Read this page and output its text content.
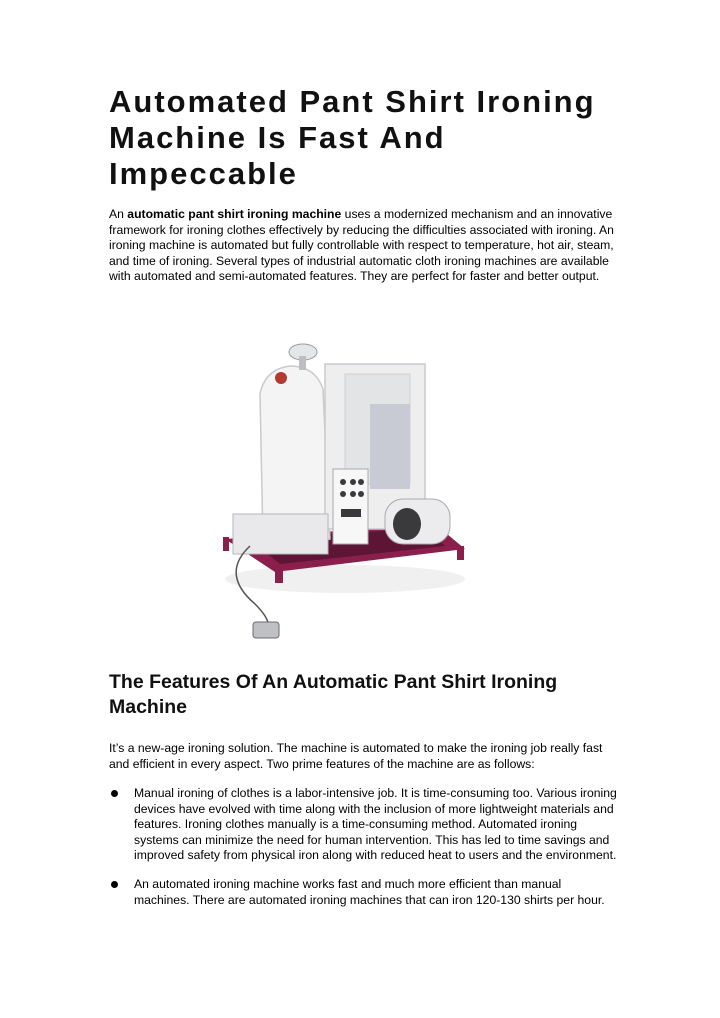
Automated Pant Shirt Ironing Machine Is Fast And Impeccable

An automatic pant shirt ironing machine uses a modernized mechanism and an innovative framework for ironing clothes effectively by reducing the difficulties associated with ironing. An ironing machine is automated but fully controllable with respect to temperature, hot air, steam, and time of ironing. Several types of industrial automatic cloth ironing machines are available with automated and semi-automated features. They are perfect for faster and better output.

The Features Of An Automatic Pant Shirt Ironing Machine

It’s a new-age ironing solution. The machine is automated to make the ironing job really fast and efficient in every aspect. Two prime features of the machine are as follows:

Manual ironing of clothes is a labor-intensive job. It is time-consuming too. Various ironing devices have evolved with time along with the inclusion of more lightweight materials and features. Ironing clothes manually is a time-consuming method. Automated ironing systems can minimize the need for human intervention. This has led to time savings and improved safety from physical iron along with reduced heat to users and the environment.
An automated ironing machine works fast and much more efficient than manual machines. There are automated ironing machines that can iron 120-130 shirts per hour.
